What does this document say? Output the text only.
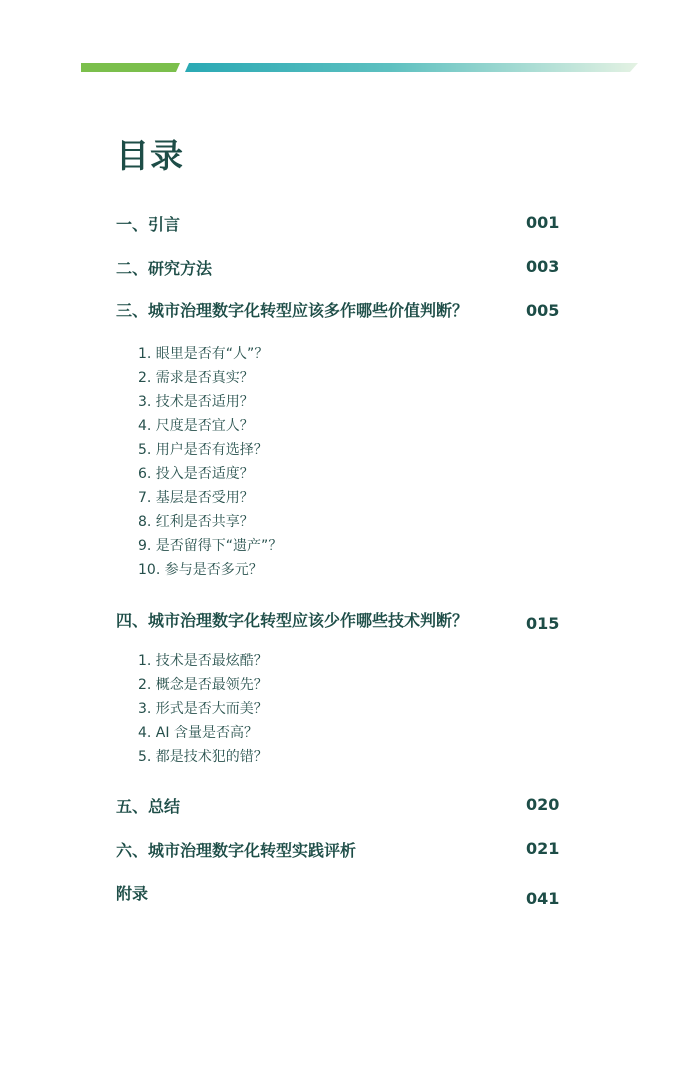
目录
一、引言	001
二、研究方法	003
三、城市治理数字化转型应该多作哪些价值判断？	005
1. 眼里是否有“人”？
2. 需求是否真实？
3. 技术是否适用？
4. 尺度是否宜人？
5. 用户是否有选择？
6. 投入是否适度？
7. 基层是否受用？
8. 红利是否共享？
9. 是否留得下“遗产”？
10. 参与是否多元？
四、城市治理数字化转型应该少作哪些技术判断？	015
1. 技术是否最炫酷？
2. 概念是否最领先？
3. 形式是否大而美？
4. AI 含量是否高？
5. 都是技术犯的错？
五、总结	020
六、城市治理数字化转型实践评析	021
附录	041
